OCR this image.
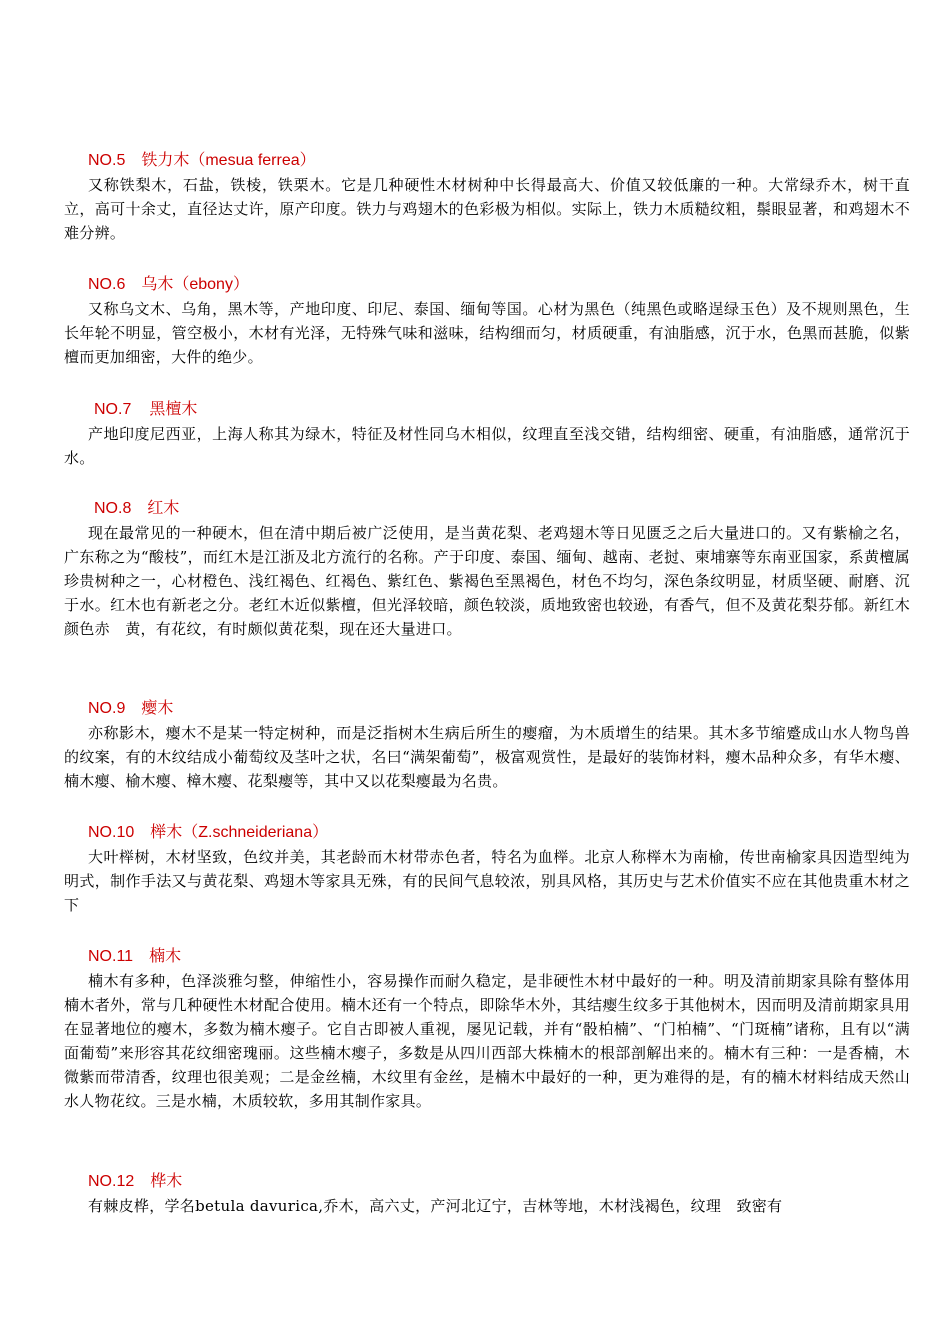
NO.5 铁力木（mesua ferrea）

又称铁梨木，石盐，铁棱，铁栗木。它是几种硬性木材树种中长得最高大、价值又较低廉的一种。大常绿乔木，树干直立，高可十余丈，直径达丈许，原产印度。铁力与鸡翅木的色彩极为相似。实际上，铁力木质糙纹粗，鬃眼显著，和鸡翅木不难分辨。

NO.6 乌木（ebony）

又称乌文木、乌角，黑木等，产地印度、印尼、泰国、缅甸等国。心材为黑色（纯黑色或略逞绿玉色）及不规则黑色，生长年轮不明显，管空极小，木材有光泽，无特殊气味和滋味，结构细而匀，材质硬重，有油脂感，沉于水，色黑而甚脆，似紫檀而更加细密，大件的绝少。

NO.7 黑檀木

产地印度尼西亚，上海人称其为绿木，特征及材性同乌木相似，纹理直至浅交错，结构细密、硬重，有油脂感，通常沉于水。

NO.8 红木

现在最常见的一种硬木，但在清中期后被广泛使用，是当黄花梨、老鸡翅木等日见匮乏之后大量进口的。又有紫榆之名，广东称之为“酸枝”，而红木是江浙及北方流行的名称。产于印度、泰国、缅甸、越南、老挝、柬埔寨等东南亚国家，系黄檀属珍贵树种之一，心材橙色、浅红褐色、红褐色、紫红色、紫褐色至黑褐色，材色不均匀，深色条纹明显，材质坚硬、耐磨、沉于水。红木也有新老之分。老红木近似紫檀，但光泽较暗，颜色较淡，质地致密也较逊，有香气，但不及黄花梨芬郁。新红木颜色赤　黄，有花纹，有时颇似黄花梨，现在还大量进口。

NO.9 瘿木

亦称影木，瘿木不是某一特定树种，而是泛指树木生病后所生的瘿瘤，为木质增生的结果。其木多节缩蹙成山水人物鸟兽的纹案，有的木纹结成小葡萄纹及茎叶之状，名曰“满架葡萄”，极富观赏性，是最好的装饰材料，瘿木品种众多，有华木瘿、楠木瘿、榆木瘿、樟木瘿、花梨瘿等，其中又以花梨瘿最为名贵。

NO.10 榉木（Z.schneideriana）

大叶榉树，木材坚致，色纹并美，其老龄而木材带赤色者，特名为血榉。北京人称榉木为南榆，传世南榆家具因造型纯为明式，制作手法又与黄花梨、鸡翅木等家具无殊，有的民间气息较浓，别具风格，其历史与艺术价值实不应在其他贵重木材之下

NO.11 楠木

楠木有多种，色泽淡雅匀整，伸缩性小，容易操作而耐久稳定，是非硬性木材中最好的一种。明及清前期家具除有整体用楠木者外，常与几种硬性木材配合使用。楠木还有一个特点，即除华木外，其结瘿生纹多于其他树木，因而明及清前期家具用在显著地位的瘿木，多数为楠木瘿子。它自古即被人重视，屡见记载，并有“骰柏楠”、“门柏楠”、“门斑楠”诸称，且有以“满面葡萄”来形容其花纹细密瑰丽。这些楠木瘿子，多数是从四川西部大株楠木的根部剖解出来的。楠木有三种：一是香楠，木微紫而带清香，纹理也很美观；二是金丝楠，木纹里有金丝，是楠木中最好的一种，更为难得的是，有的楠木材料结成天然山水人物花纹。三是水楠，木质较软，多用其制作家具。

NO.12 桦木

有棘皮桦，学名betula davurica,乔木，高六丈，产河北辽宁，吉林等地，木材浅褐色，纹理　致密有
